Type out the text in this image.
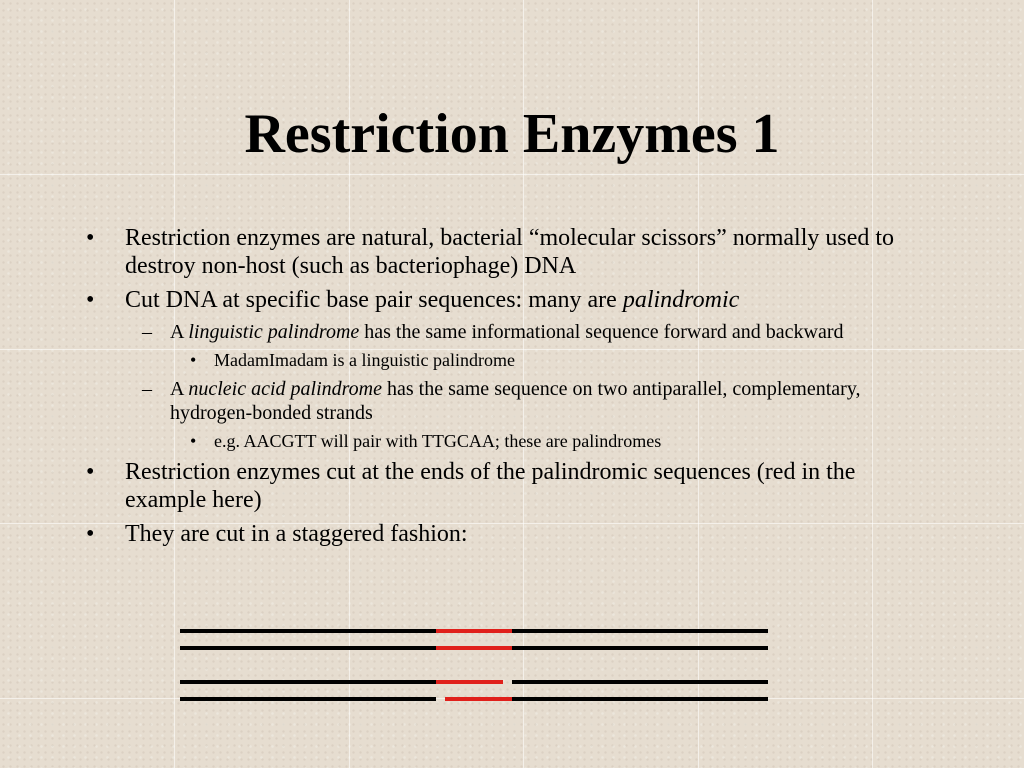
Restriction Enzymes 1
• Restriction enzymes are natural, bacterial “molecular scissors” normally used to destroy non-host (such as bacteriophage) DNA
• Cut DNA at specific base pair sequences: many are palindromic
– A linguistic palindrome has the same informational sequence forward and backward
• MadamImadam is a linguistic palindrome
– A nucleic acid palindrome has the same sequence on two antiparallel, complementary, hydrogen-bonded strands
• e.g. AACGTT will pair with TTGCAA; these are palindromes
• Restriction enzymes cut at the ends of the palindromic sequences (red in the example here)
• They are cut in a staggered fashion:
